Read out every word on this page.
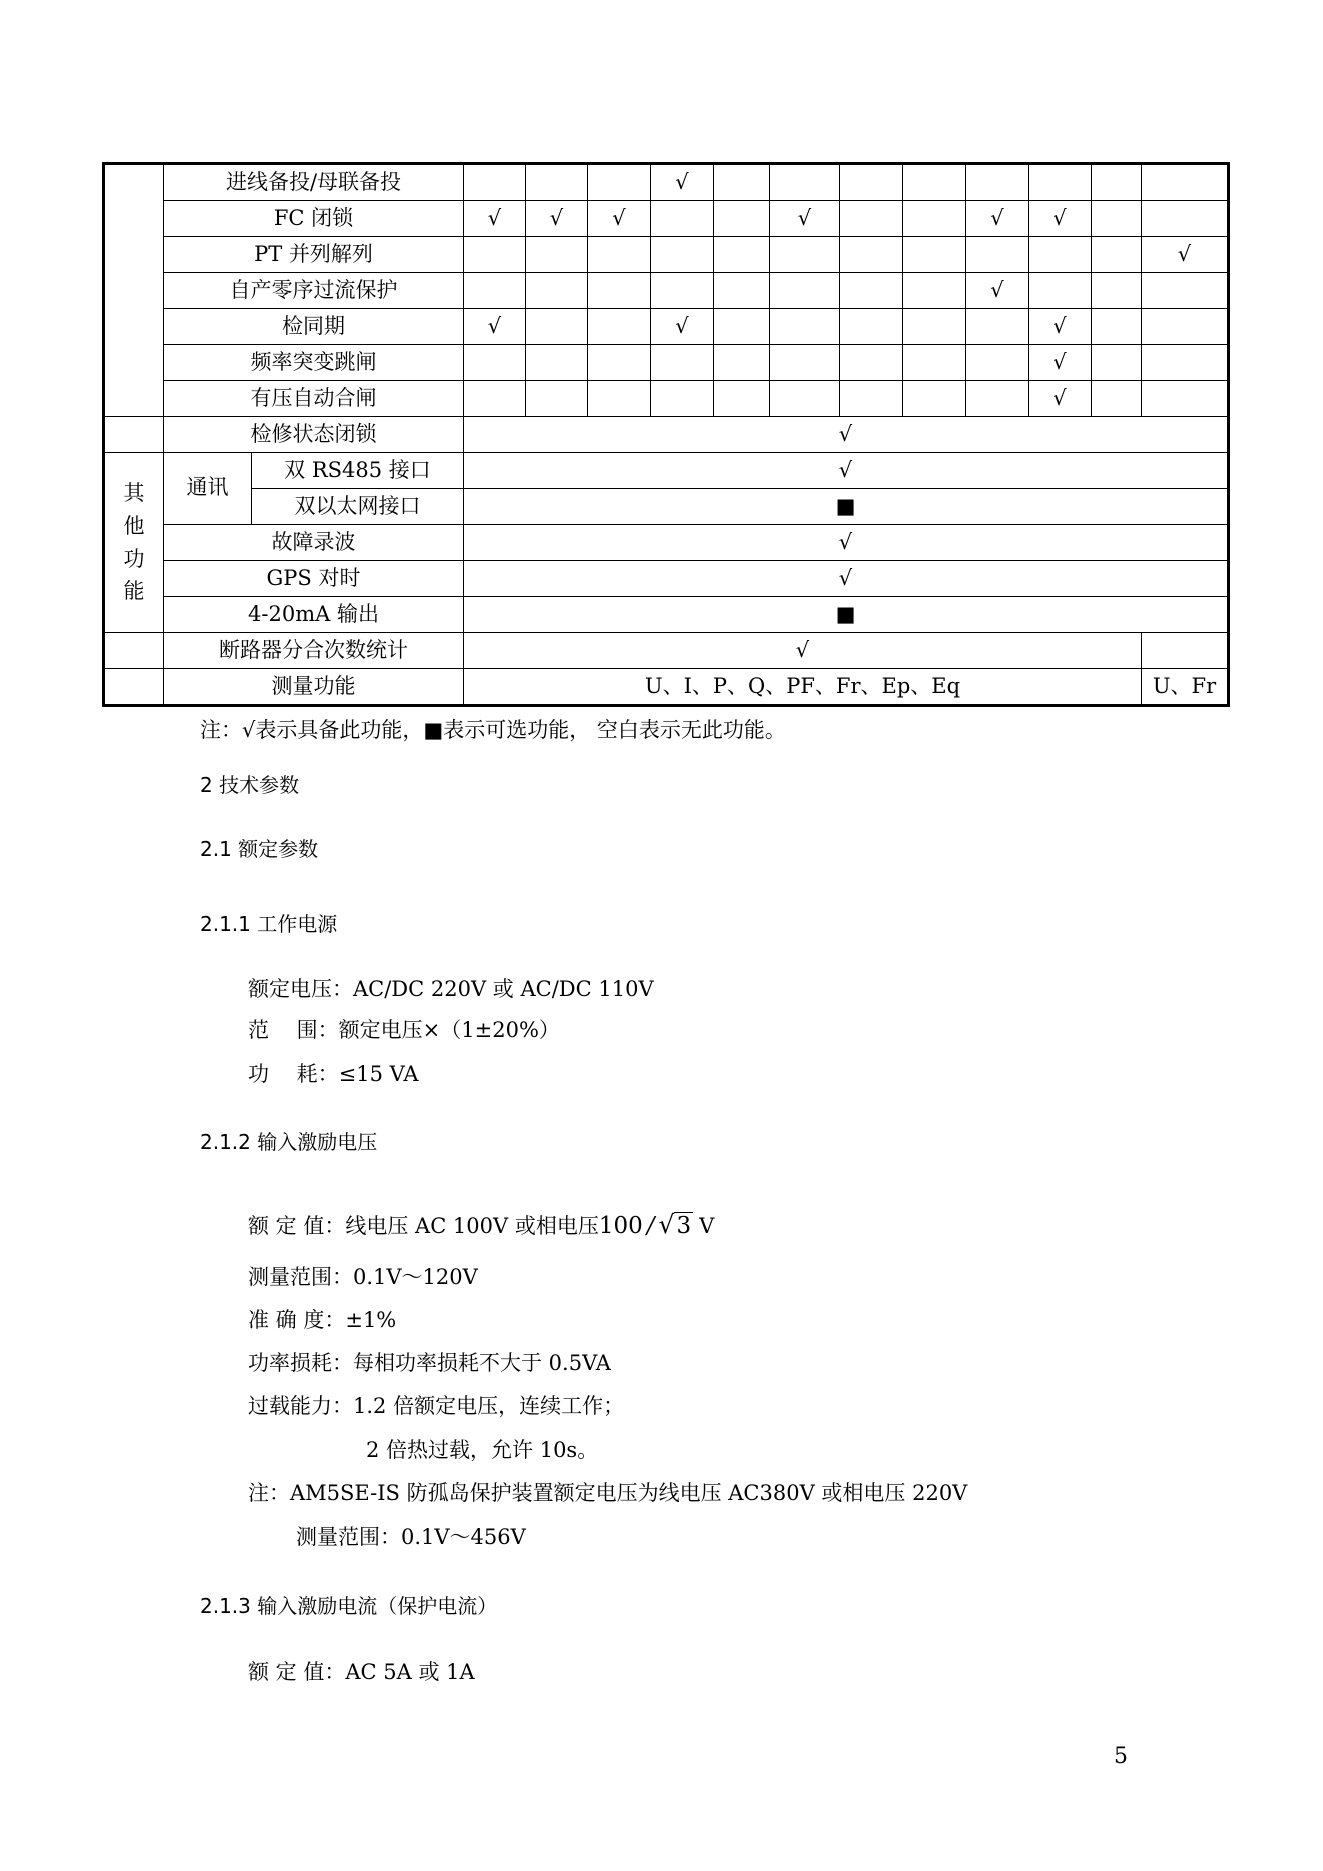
	进线备投/母联备投					√								
	FC 闭锁		√	√	√			√			√	√		
	PT 并列解列													√
	自产零序过流保护										√			
	检同期		√			√						√		
	频率突变跳闸											√		
	有压自动合闸											√		
	检修状态闭锁		√											

其
他
功
能	通讯	双 RS485 接口	√											
		双以太网接口	■											
	故障录波		√											
	GPS 对时		√											
	4-20mA 输出		■											
	断路器分合次数统计		√											
	测量功能		U、I、P、Q、PF、Fr、Ep、Eq											U、Fr
注：√表示具备此功能，■表示可选功能， 空白表示无此功能。
2 技术参数
2.1 额定参数
2.1.1 工作电源
额定电压：AC/DC 220V 或 AC/DC 110V
范　 围：额定电压×（1±20%）
功　 耗：≤15 VA
2.1.2 输入激励电压
额 定 值：线电压 AC 100V 或相电压100 / √3 V
测量范围：0.1V～120V
准 确 度：±1%
功率损耗：每相功率损耗不大于 0.5VA
过载能力：1.2 倍额定电压，连续工作；
2 倍热过载，允许 10s。
注：AM5SE-IS 防孤岛保护装置额定电压为线电压 AC380V 或相电压 220V
测量范围：0.1V～456V
2.1.3 输入激励电流（保护电流）
额 定 值：AC 5A 或 1A
5
